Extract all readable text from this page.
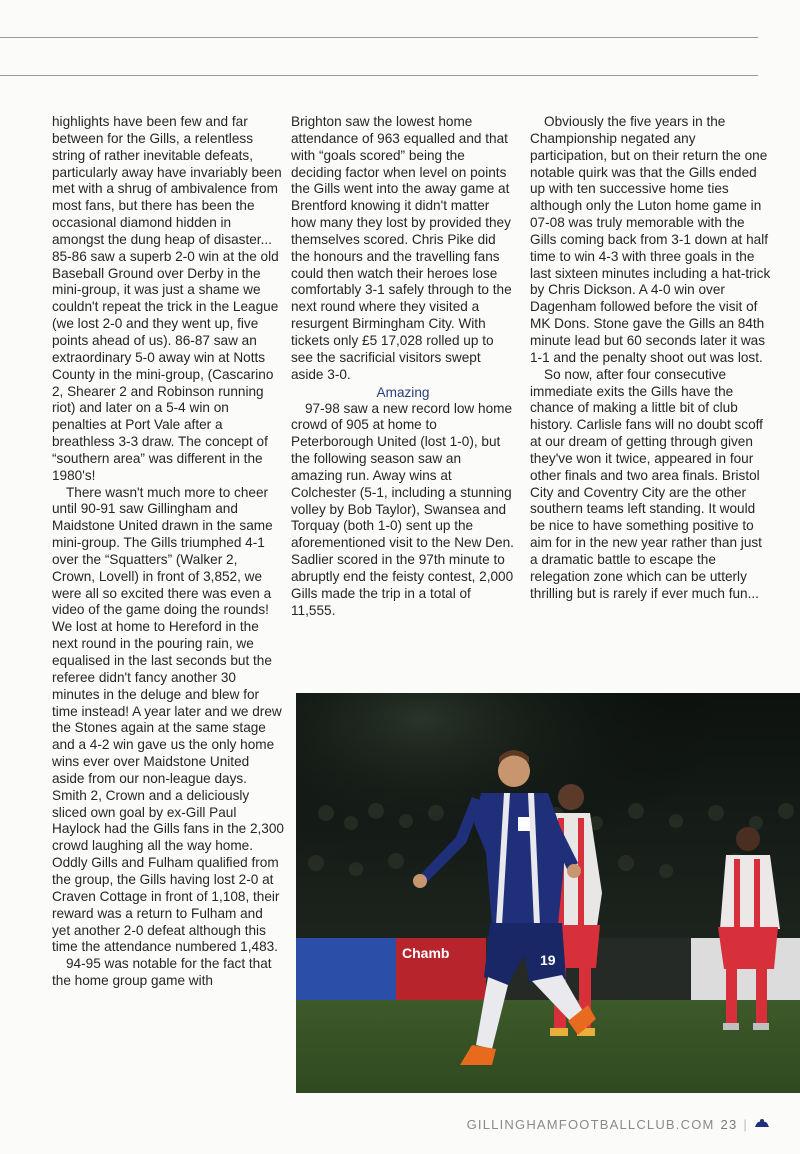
highlights have been few and far between for the Gills, a relentless string of rather inevitable defeats, particularly away have invariably been met with a shrug of ambivalence from most fans, but there has been the occasional diamond hidden in amongst the dung heap of disaster... 85-86 saw a superb 2-0 win at the old Baseball Ground over Derby in the mini-group, it was just a shame we couldn't repeat the trick in the League (we lost 2-0 and they went up, five points ahead of us). 86-87 saw an extraordinary 5-0 away win at Notts County in the mini-group, (Cascarino 2, Shearer 2 and Robinson running riot) and later on a 5-4 win on penalties at Port Vale after a breathless 3-3 draw. The concept of “southern area” was different in the 1980's!

There wasn't much more to cheer until 90-91 saw Gillingham and Maidstone United drawn in the same mini-group. The Gills triumphed 4-1 over the “Squatters” (Walker 2, Crown, Lovell) in front of 3,852, we were all so excited there was even a video of the game doing the rounds! We lost at home to Hereford in the next round in the pouring rain, we equalised in the last seconds but the referee didn't fancy another 30 minutes in the deluge and blew for time instead! A year later and we drew the Stones again at the same stage and a 4-2 win gave us the only home wins ever over Maidstone United aside from our non-league days. Smith 2, Crown and a deliciously sliced own goal by ex-Gill Paul Haylock had the Gills fans in the 2,300 crowd laughing all the way home. Oddly Gills and Fulham qualified from the group, the Gills having lost 2-0 at Craven Cottage in front of 1,108, their reward was a return to Fulham and yet another 2-0 defeat although this time the attendance numbered 1,483.

94-95 was notable for the fact that the home group game with

Brighton saw the lowest home attendance of 963 equalled and that with “goals scored” being the deciding factor when level on points the Gills went into the away game at Brentford knowing it didn't matter how many they lost by provided they themselves scored. Chris Pike did the honours and the travelling fans could then watch their heroes lose comfortably 3-1 safely through to the next round where they visited a resurgent Birmingham City. With tickets only £5 17,028 rolled up to see the sacrificial visitors swept aside 3-0.

Amazing

97-98 saw a new record low home crowd of 905 at home to Peterborough United (lost 1-0), but the following season saw an amazing run. Away wins at Colchester (5-1, including a stunning volley by Bob Taylor), Swansea and Torquay (both 1-0) sent up the aforementioned visit to the New Den. Sadlier scored in the 97th minute to abruptly end the feisty contest, 2,000 Gills made the trip in a total of 11,555.

Obviously the five years in the Championship negated any participation, but on their return the one notable quirk was that the Gills ended up with ten successive home ties although only the Luton home game in 07-08 was truly memorable with the Gills coming back from 3-1 down at half time to win 4-3 with three goals in the last sixteen minutes including a hat-trick by Chris Dickson. A 4-0 win over Dagenham followed before the visit of MK Dons. Stone gave the Gills an 84th minute lead but 60 seconds later it was 1-1 and the penalty shoot out was lost.

So now, after four consecutive immediate exits the Gills have the chance of making a little bit of club history. Carlisle fans will no doubt scoff at our dream of getting through given they've won it twice, appeared in four other finals and two area finals. Bristol City and Coventry City are the other southern teams left standing. It would be nice to have something positive to aim for in the new year rather than just a dramatic battle to escape the relegation zone which can be utterly thrilling but is rarely if ever much fun...

Chamb	19
GILLINGHAMFOOTBALLCLUB.COM 23 |
